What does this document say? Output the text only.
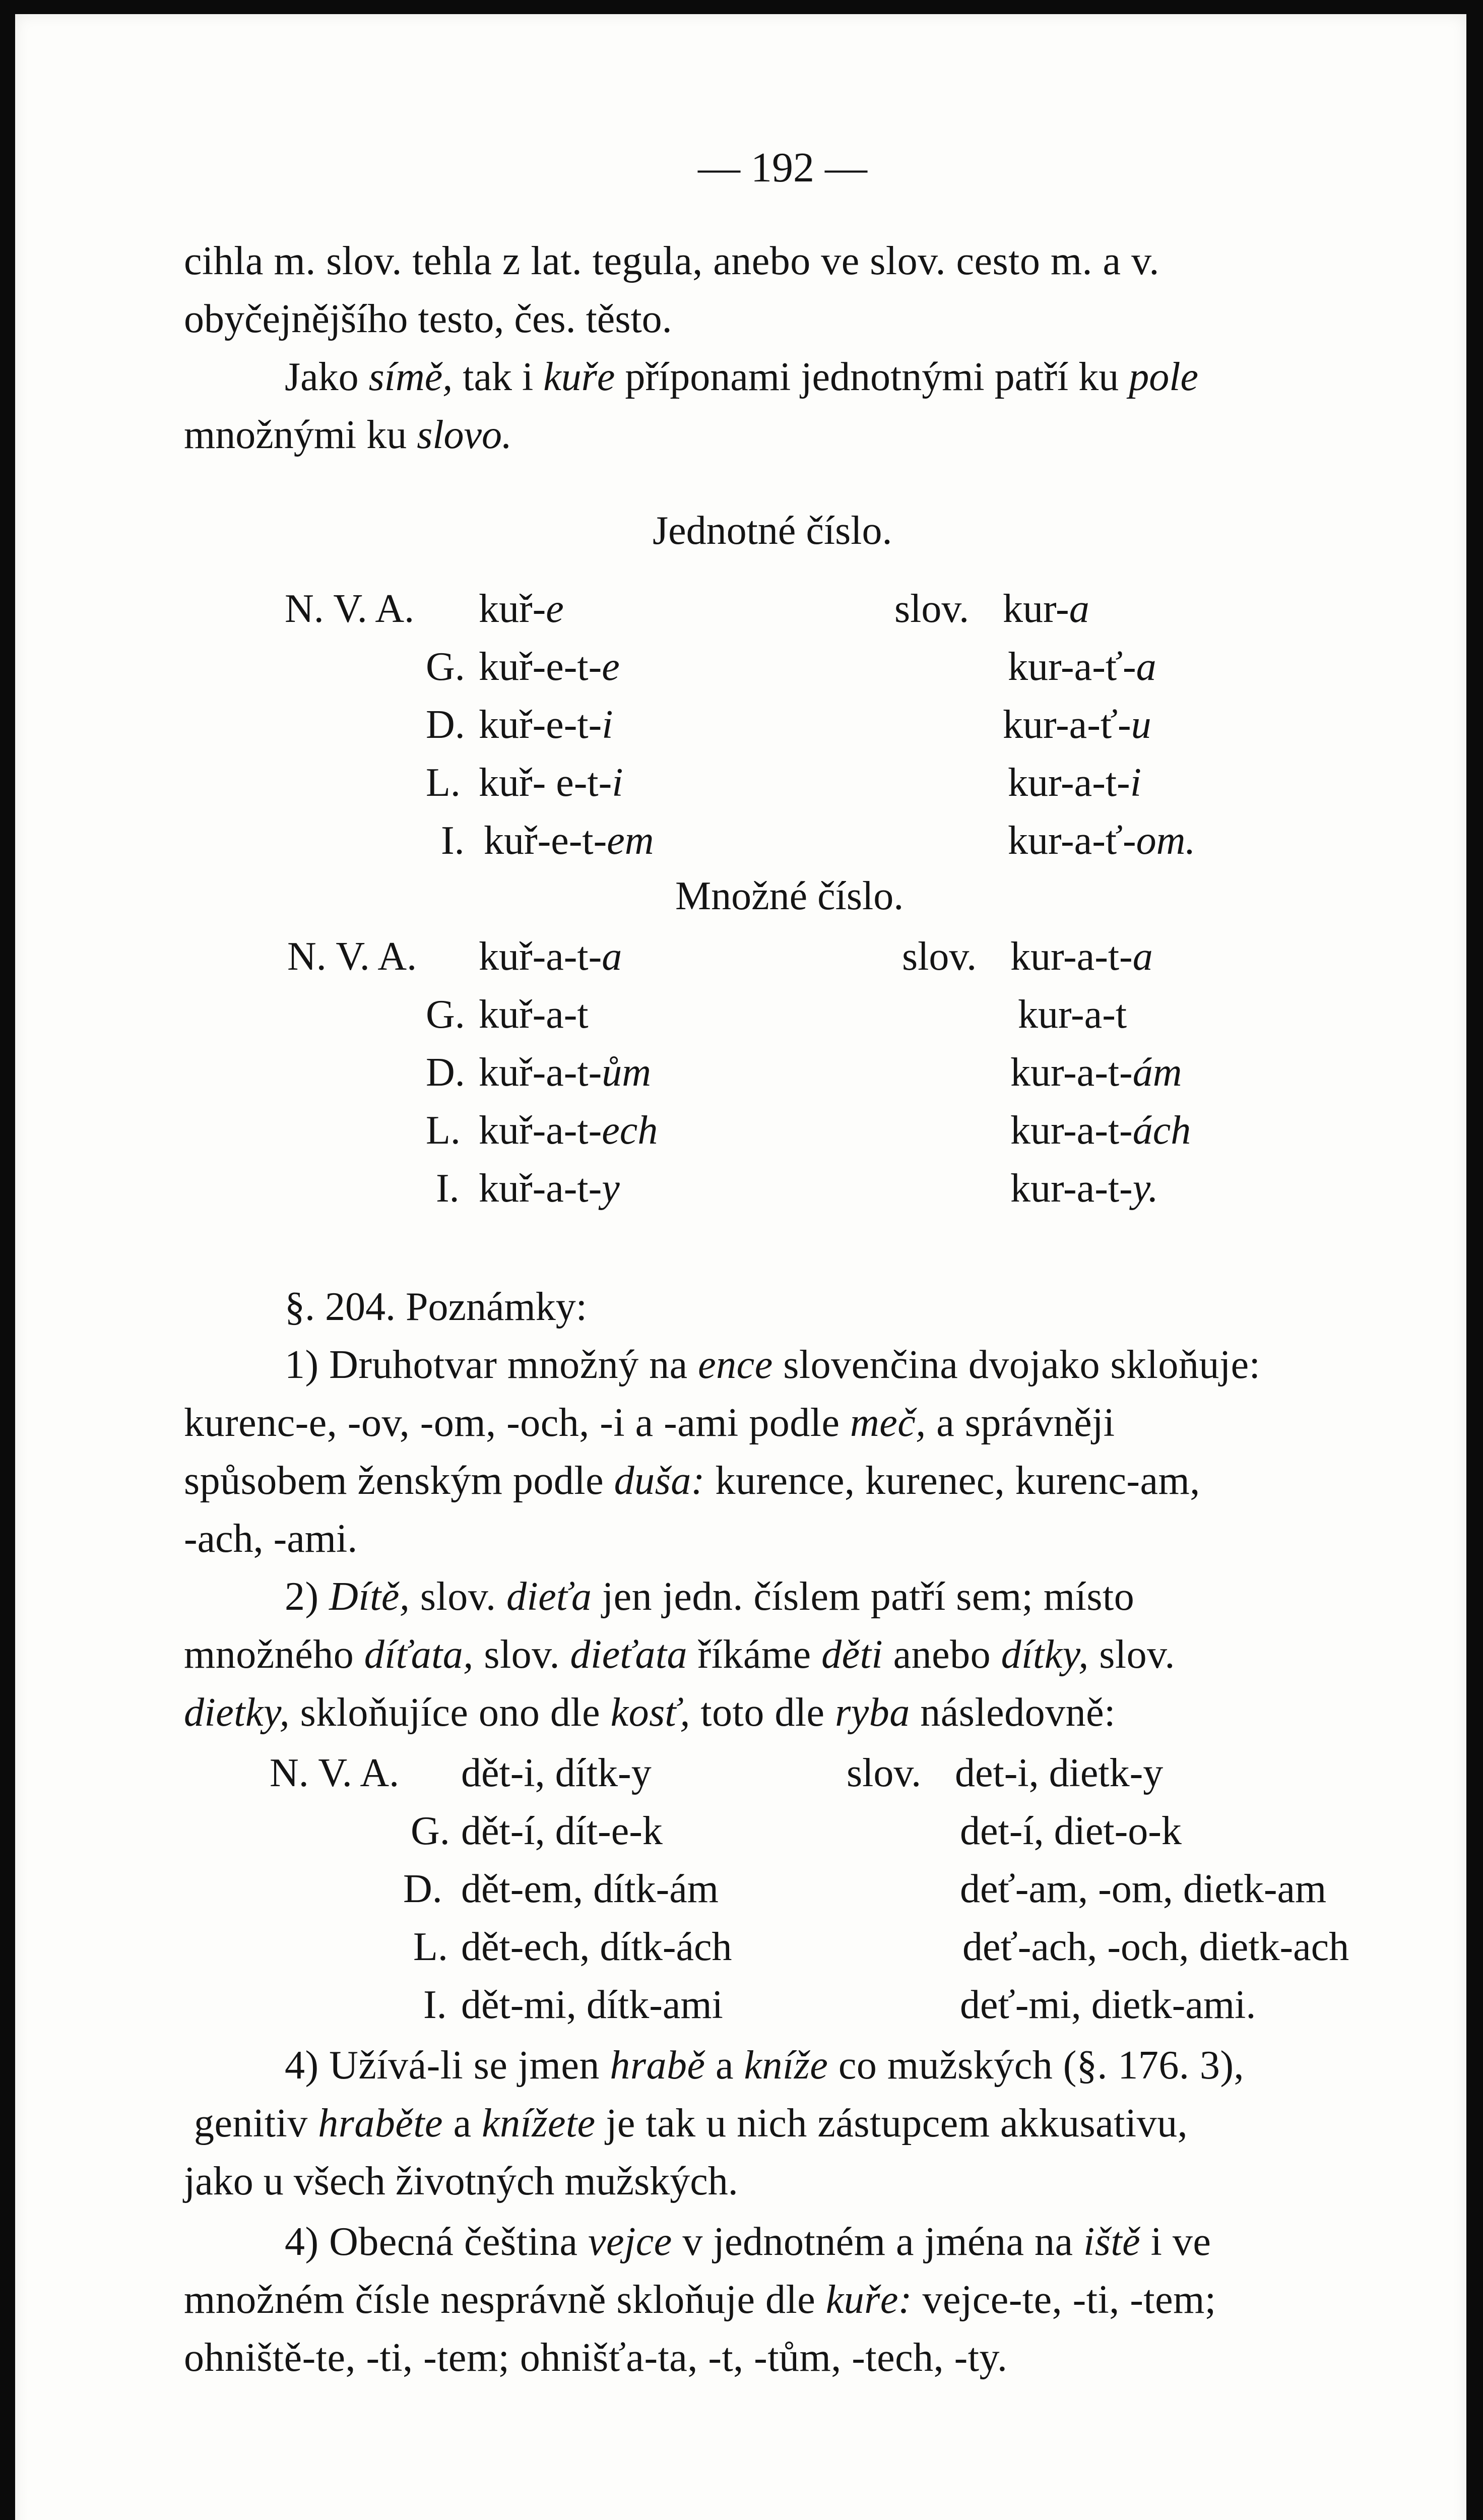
— 192 —
cihla m. slov. tehla z lat. tegula, anebo ve slov. cesto m. a v.
obyčejnějšího testo, čes. těsto.
Jako símě, tak i kuře příponami jednotnými patří ku pole
množnými ku slovo.
Jednotné číslo.
N. V. A. kuř-e	slov. kur-a
G. kuř-e-t-e	kur-a-ť-a
D. kuř-e-t-i	kur-a-ť-u
L. kuř- e-t-i	kur-a-t-i
I. kuř-e-t-em	kur-a-ť-om.
Množné číslo.
N. V. A. kuř-a-t-a	slov. kur-a-t-a
G. kuř-a-t	kur-a-t
D. kuř-a-t-ům	kur-a-t-ám
L. kuř-a-t-ech	kur-a-t-ách
I. kuř-a-t-y	kur-a-t-y.
§. 204. Poznámky:
1) Druhotvar množný na ence slovenčina dvojako skloňuje:
kurenc-e, -ov, -om, -och, -i a -ami podle meč, a správněji
spůsobem ženským podle duša: kurence, kurenec, kurenc-am,
-ach, -ami.
2) Dítě, slov. dieťa jen jedn. číslem patří sem; místo
množného díťata, slov. dieťata říkáme děti anebo dítky, slov.
dietky, skloňujíce ono dle kosť, toto dle ryba následovně:
N. V. A. dět-i, dítk-y	slov. det-i, dietk-y
G. dět-í, dít-e-k	det-í, diet-o-k
D. dět-em, dítk-ám	deť-am, -om, dietk-am
L. dět-ech, dítk-ách	deť-ach, -och, dietk-ach
I. dět-mi, dítk-ami	deť-mi, dietk-ami.
4) Užívá-li se jmen hrabě a kníže co mužských (§. 176. 3),
genitiv hraběte a knížete je tak u nich zástupcem akkusativu,
jako u všech životných mužských.
4) Obecná čeština vejce v jednotném a jména na iště i ve
množném čísle nesprávně skloňuje dle kuře: vejce-te, -ti, -tem;
ohniště-te, -ti, -tem; ohnišťa-ta, -t, -tům, -tech, -ty.
